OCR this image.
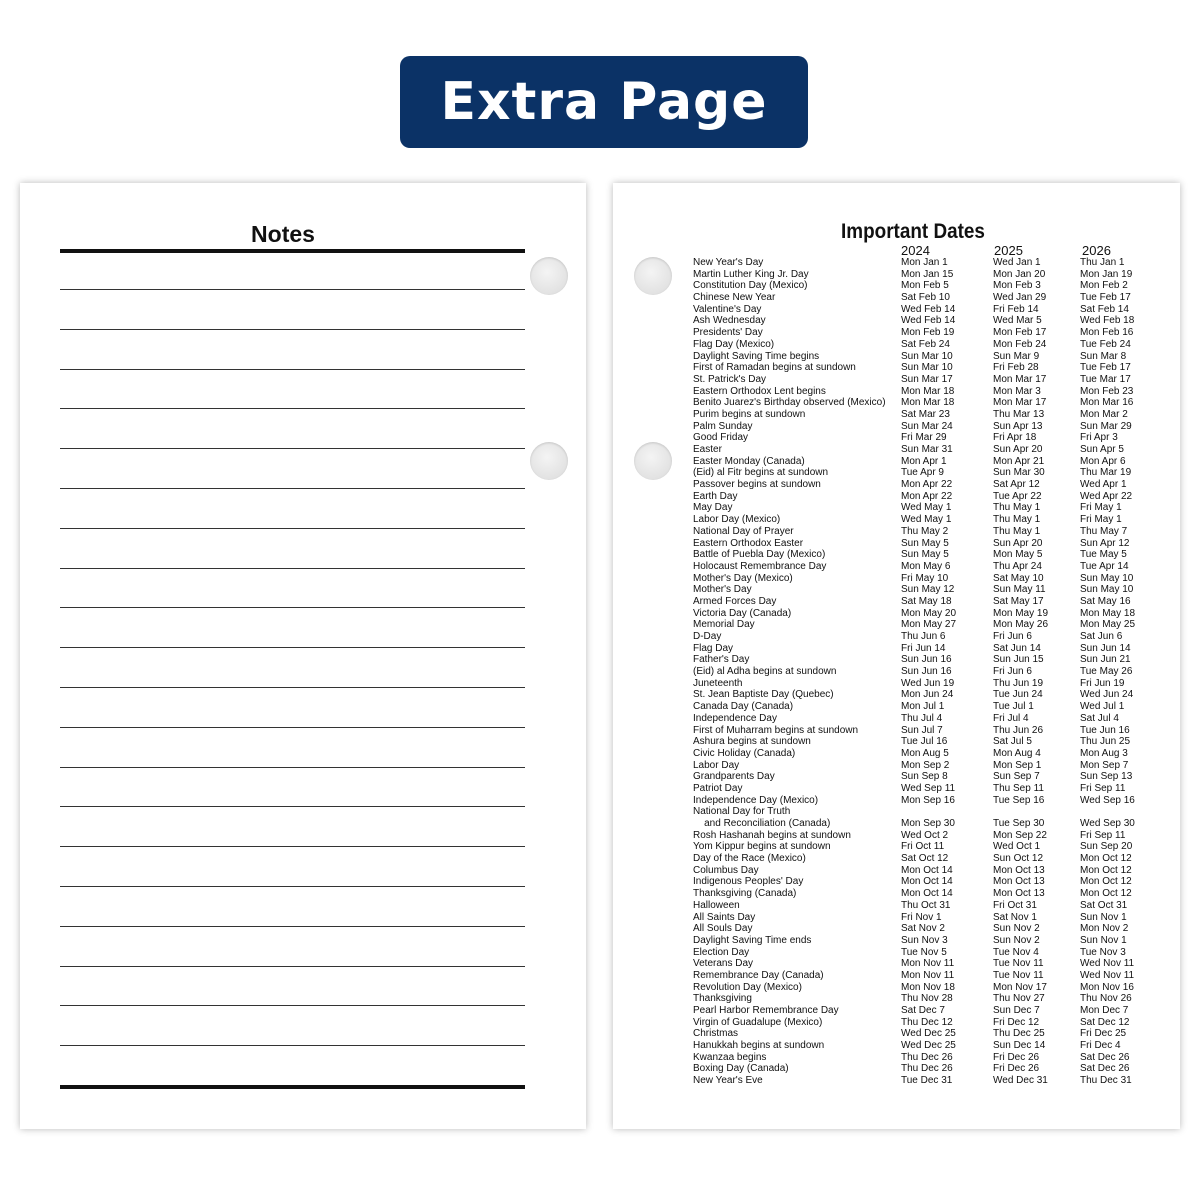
Extra Page
Notes	Important Dates
2024	2025	2026
New Year's Day	Mon Jan 1	Wed Jan 1	Thu Jan 1
Martin Luther King Jr. Day	Mon Jan 15	Mon Jan 20	Mon Jan 19
Constitution Day (Mexico)	Mon Feb 5	Mon Feb 3	Mon Feb 2
Chinese New Year	Sat Feb 10	Wed Jan 29	Tue Feb 17
Valentine's Day	Wed Feb 14	Fri Feb 14	Sat Feb 14
Ash Wednesday	Wed Feb 14	Wed Mar 5	Wed Feb 18
Presidents' Day	Mon Feb 19	Mon Feb 17	Mon Feb 16
Flag Day (Mexico)	Sat Feb 24	Mon Feb 24	Tue Feb 24
Daylight Saving Time begins	Sun Mar 10	Sun Mar 9	Sun Mar 8
First of Ramadan begins at sundown	Sun Mar 10	Fri Feb 28	Tue Feb 17
St. Patrick's Day	Sun Mar 17	Mon Mar 17	Tue Mar 17
Eastern Orthodox Lent begins	Mon Mar 18	Mon Mar 3	Mon Feb 23
Benito Juarez's Birthday observed (Mexico) Mon Mar 18	Mon Mar 17	Mon Mar 16
Purim begins at sundown	Sat Mar 23	Thu Mar 13	Mon Mar 2
Palm Sunday	Sun Mar 24	Sun Apr 13	Sun Mar 29
Good Friday	Fri Mar 29	Fri Apr 18	Fri Apr 3
Easter	Sun Mar 31	Sun Apr 20	Sun Apr 5
Easter Monday (Canada)	Mon Apr 1	Mon Apr 21	Mon Apr 6
(Eid) al Fitr begins at sundown	Tue Apr 9	Sun Mar 30	Thu Mar 19
Passover begins at sundown	Mon Apr 22	Sat Apr 12	Wed Apr 1
Earth Day	Mon Apr 22	Tue Apr 22	Wed Apr 22
May Day	Wed May 1	Thu May 1	Fri May 1
Labor Day (Mexico)	Wed May 1	Thu May 1	Fri May 1
National Day of Prayer	Thu May 2	Thu May 1	Thu May 7
Eastern Orthodox Easter	Sun May 5	Sun Apr 20	Sun Apr 12
Battle of Puebla Day (Mexico)	Sun May 5	Mon May 5	Tue May 5
Holocaust Remembrance Day	Mon May 6	Thu Apr 24	Tue Apr 14
Mother's Day (Mexico)	Fri May 10	Sat May 10	Sun May 10
Mother's Day	Sun May 12	Sun May 11	Sun May 10
Armed Forces Day	Sat May 18	Sat May 17	Sat May 16
Victoria Day (Canada)	Mon May 20	Mon May 19	Mon May 18
Memorial Day	Mon May 27	Mon May 26	Mon May 25
D-Day	Thu Jun 6	Fri Jun 6	Sat Jun 6
Flag Day	Fri Jun 14	Sat Jun 14	Sun Jun 14
Father's Day	Sun Jun 16	Sun Jun 15	Sun Jun 21
(Eid) al Adha begins at sundown	Sun Jun 16	Fri Jun 6	Tue May 26
Juneteenth	Wed Jun 19	Thu Jun 19	Fri Jun 19
St. Jean Baptiste Day (Quebec)	Mon Jun 24	Tue Jun 24	Wed Jun 24
Canada Day (Canada)	Mon Jul 1	Tue Jul 1	Wed Jul 1
Independence Day	Thu Jul 4	Fri Jul 4	Sat Jul 4
First of Muharram begins at sundown	Sun Jul 7	Thu Jun 26	Tue Jun 16
Ashura begins at sundown	Tue Jul 16	Sat Jul 5	Thu Jun 25
Civic Holiday (Canada)	Mon Aug 5	Mon Aug 4	Mon Aug 3
Labor Day	Mon Sep 2	Mon Sep 1	Mon Sep 7
Grandparents Day	Sun Sep 8	Sun Sep 7	Sun Sep 13
Patriot Day	Wed Sep 11	Thu Sep 11	Fri Sep 11
Independence Day (Mexico)	Mon Sep 16	Tue Sep 16	Wed Sep 16
National Day for Truth
and Reconciliation (Canada)	Mon Sep 30	Tue Sep 30	Wed Sep 30
Rosh Hashanah begins at sundown	Wed Oct 2	Mon Sep 22	Fri Sep 11
Yom Kippur begins at sundown	Fri Oct 11	Wed Oct 1	Sun Sep 20
Day of the Race (Mexico)	Sat Oct 12	Sun Oct 12	Mon Oct 12
Columbus Day	Mon Oct 14	Mon Oct 13	Mon Oct 12
Indigenous Peoples' Day	Mon Oct 14	Mon Oct 13	Mon Oct 12
Thanksgiving (Canada)	Mon Oct 14	Mon Oct 13	Mon Oct 12
Halloween	Thu Oct 31	Fri Oct 31	Sat Oct 31
All Saints Day	Fri Nov 1	Sat Nov 1	Sun Nov 1
All Souls Day	Sat Nov 2	Sun Nov 2	Mon Nov 2
Daylight Saving Time ends	Sun Nov 3	Sun Nov 2	Sun Nov 1
Election Day	Tue Nov 5	Tue Nov 4	Tue Nov 3
Veterans Day	Mon Nov 11	Tue Nov 11	Wed Nov 11
Remembrance Day (Canada)	Mon Nov 11	Tue Nov 11	Wed Nov 11
Revolution Day (Mexico)	Mon Nov 18	Mon Nov 17	Mon Nov 16
Thanksgiving	Thu Nov 28	Thu Nov 27	Thu Nov 26
Pearl Harbor Remembrance Day	Sat Dec 7	Sun Dec 7	Mon Dec 7
Virgin of Guadalupe (Mexico)	Thu Dec 12	Fri Dec 12	Sat Dec 12
Christmas	Wed Dec 25	Thu Dec 25	Fri Dec 25
Hanukkah begins at sundown	Wed Dec 25	Sun Dec 14	Fri Dec 4
Kwanzaa begins	Thu Dec 26	Fri Dec 26	Sat Dec 26
Boxing Day (Canada)	Thu Dec 26	Fri Dec 26	Sat Dec 26
New Year's Eve	Tue Dec 31	Wed Dec 31	Thu Dec 31
